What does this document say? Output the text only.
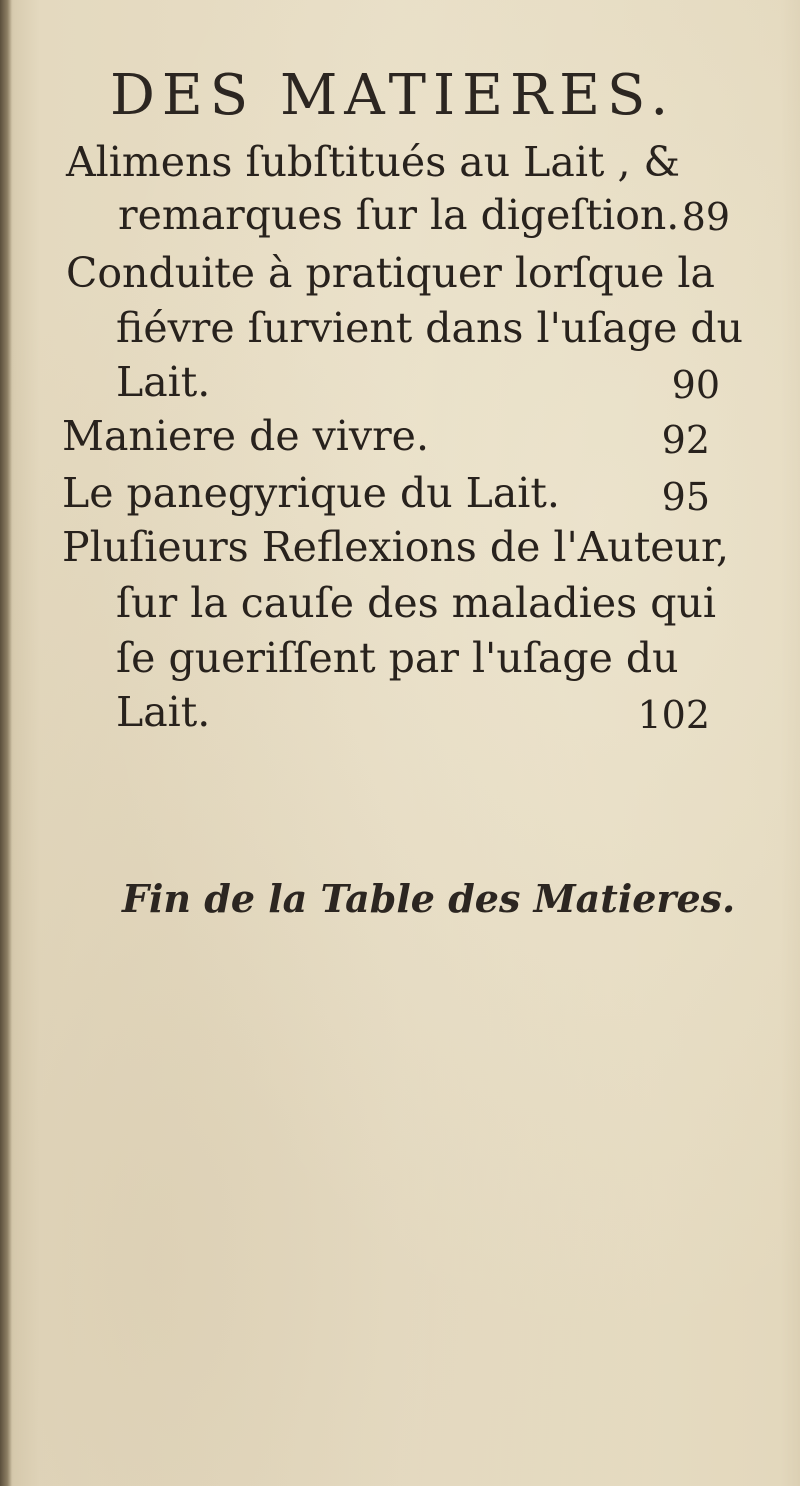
DES MATIERES.
Alimens ſubſtitués au Lait , &
remarques ſur la digeſtion. 89
Conduite à pratiquer lorſque la
fiévre ſurvient dans l'uſage du
Lait.	90
Maniere de vivre.	92
Le panegyrique du Lait.	95
Pluſieurs Reflexions de l'Auteur,
ſur la cauſe des maladies qui
ſe gueriſſent par l'uſage du
Lait.	102
Fin de la Table des Matieres.
